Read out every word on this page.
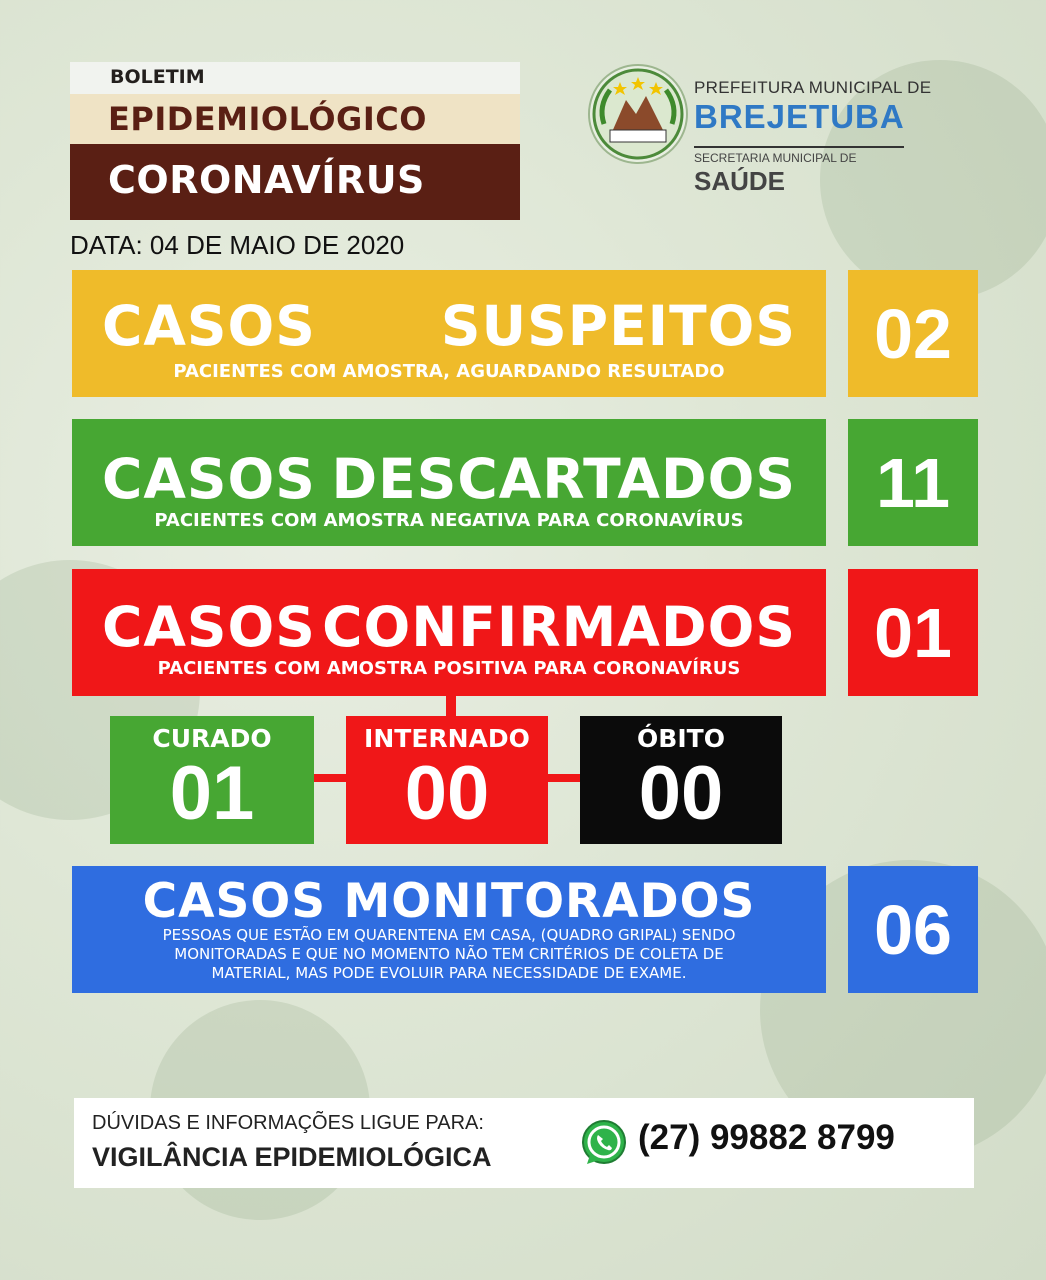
BOLETIM
EPIDEMIOLÓGICO
CORONAVÍRUS
DATA: 04 DE MAIO DE 2020
PREFEITURA MUNICIPAL DE
BREJETUBA
SECRETARIA MUNICIPAL DE
SAÚDE
CASOS SUSPEITOS
PACIENTES COM AMOSTRA, AGUARDANDO RESULTADO	02
CASOS DESCARTADOS
PACIENTES COM AMOSTRA NEGATIVA PARA CORONAVÍRUS	11
CASOS CONFIRMADOS
PACIENTES COM AMOSTRA POSITIVA PARA CORONAVÍRUS	01
CURADO
01
INTERNADO
00
ÓBITO
00
CASOS MONITORADOS
PESSOAS QUE ESTÃO EM QUARENTENA EM CASA, (QUADRO GRIPAL) SENDO
MONITORADAS E QUE NO MOMENTO NÃO TEM CRITÉRIOS DE COLETA DE
MATERIAL, MAS PODE EVOLUIR PARA NECESSIDADE DE EXAME.
06
DÚVIDAS E INFORMAÇÕES LIGUE PARA:
VIGILÂNCIA EPIDEMIOLÓGICA	(27) 99882 8799
